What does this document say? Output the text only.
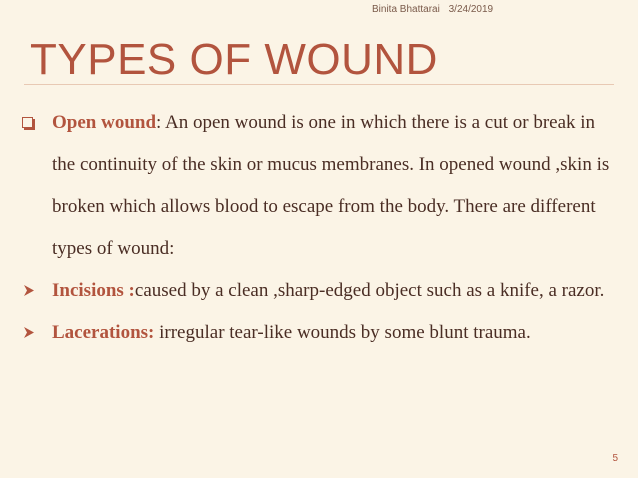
Binita Bhattarai 3/24/2019
TYPES OF WOUND
Open wound: An open wound is one in which there is a cut or break in the continuity of the skin or mucus membranes. In opened wound ,skin is broken which allows blood to escape from the body. There are different types of wound:
Incisions :caused by a clean ,sharp-edged object such as a knife, a razor.
Lacerations: irregular tear-like wounds by some blunt trauma.
5
